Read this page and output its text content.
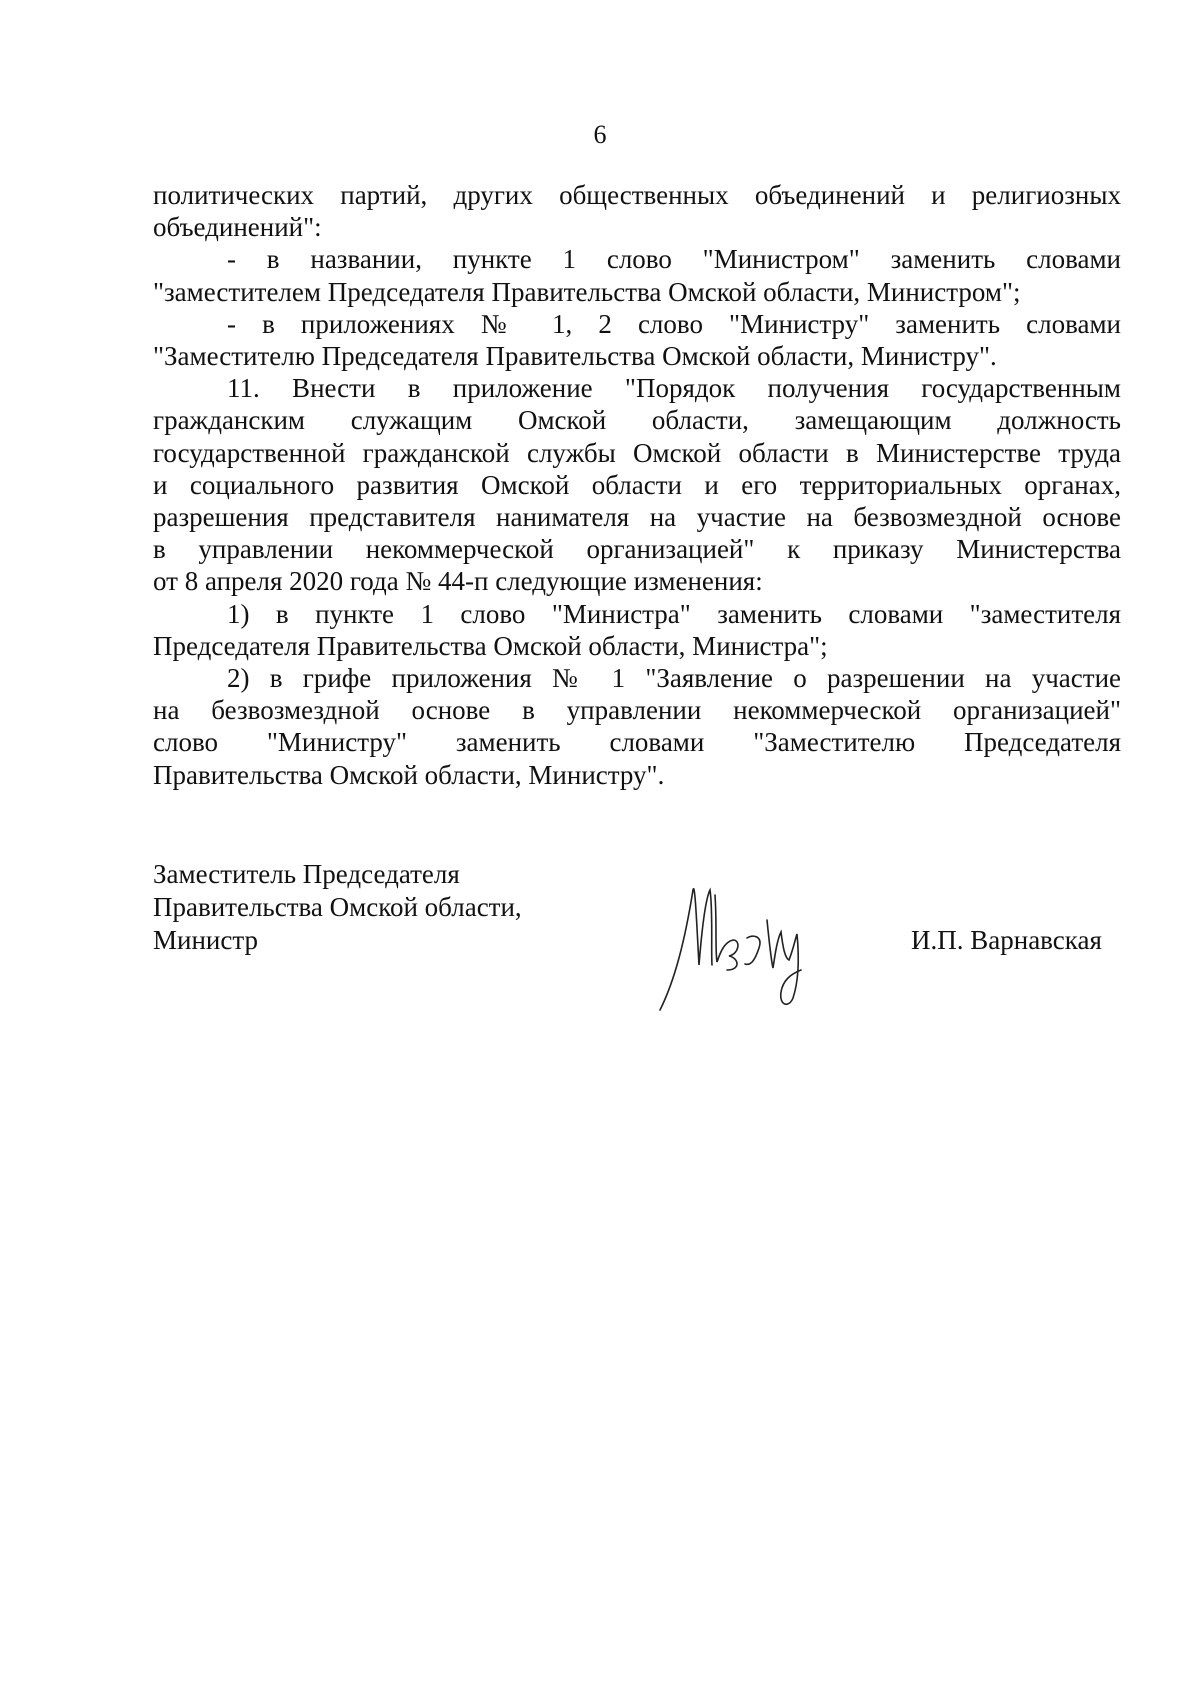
6
политических партий, других общественных объединений и религиозных
объединений":
- в названии, пункте 1 слово "Министром" заменить словами
"заместителем Председателя Правительства Омской области, Министром";
- в приложениях № 1, 2 слово "Министру" заменить словами
"Заместителю Председателя Правительства Омской области, Министру".
11. Внести в приложение "Порядок получения государственным
гражданским служащим Омской области, замещающим должность
государственной гражданской службы Омской области в Министерстве труда
и социального развития Омской области и его территориальных органах,
разрешения представителя нанимателя на участие на безвозмездной основе
в управлении некоммерческой организацией" к приказу Министерства
от 8 апреля 2020 года № 44-п следующие изменения:
1) в пункте 1 слово "Министра" заменить словами "заместителя
Председателя Правительства Омской области, Министра";
2) в грифе приложения № 1 "Заявление о разрешении на участие
на безвозмездной основе в управлении некоммерческой организацией"
слово "Министру" заменить словами "Заместителю Председателя
Правительства Омской области, Министру".
Заместитель Председателя
Правительства Омской области,
Министр	И.П. Варнавская
